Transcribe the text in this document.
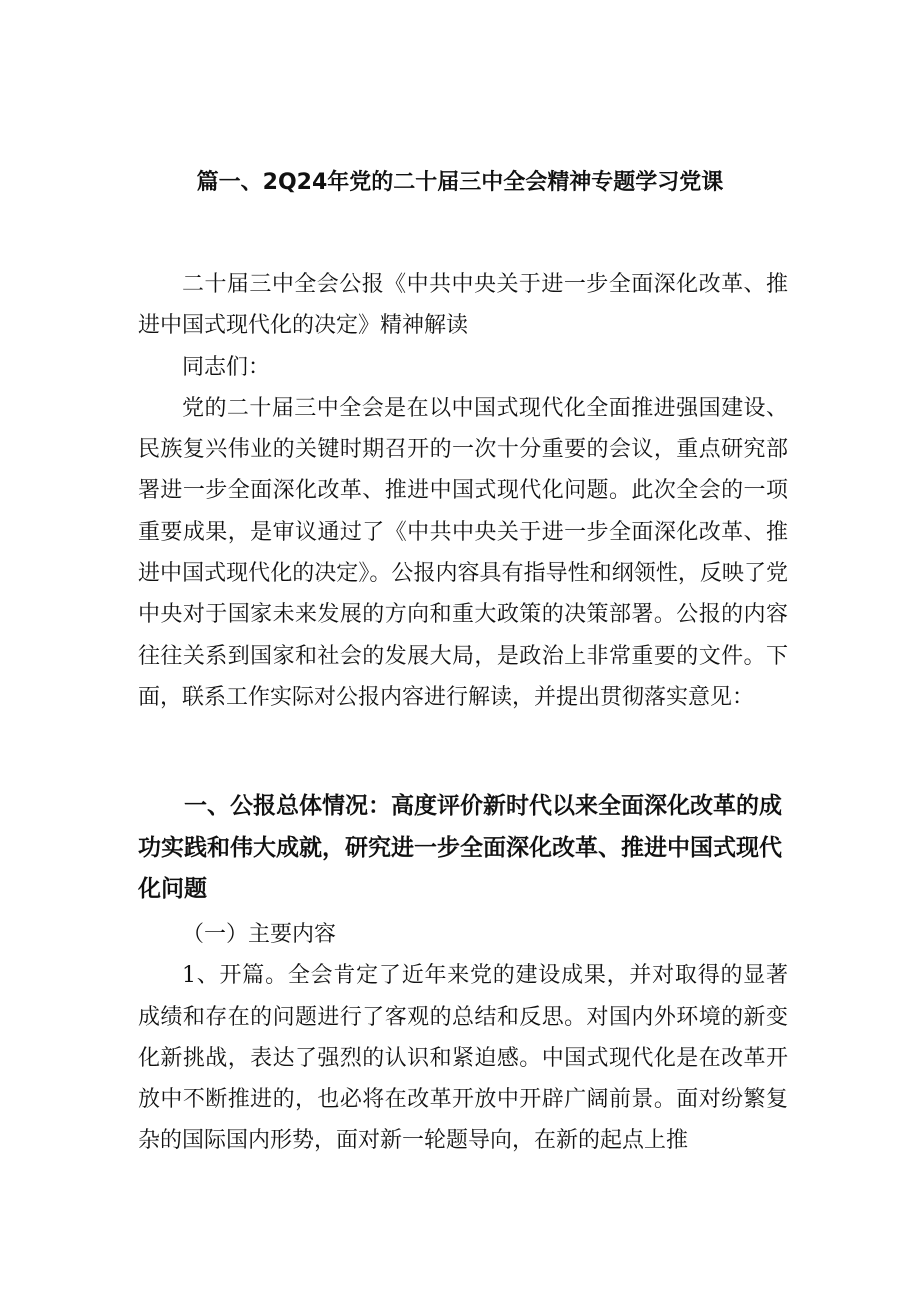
篇一、2Q24年党的二十届三中全会精神专题学习党课

二十届三中全会公报《中共中央关于进一步全面深化改革、推进中国式现代化的决定》精神解读

同志们：

党的二十届三中全会是在以中国式现代化全面推进强国建设、民族复兴伟业的关键时期召开的一次十分重要的会议，重点研究部署进一步全面深化改革、推进中国式现代化问题。此次全会的一项重要成果，是审议通过了《中共中央关于进一步全面深化改革、推进中国式现代化的决定》。公报内容具有指导性和纲领性，反映了党中央对于国家未来发展的方向和重大政策的决策部署。公报的内容往往关系到国家和社会的发展大局，是政治上非常重要的文件。下面，联系工作实际对公报内容进行解读，并提出贯彻落实意见：

一、公报总体情况：高度评价新时代以来全面深化改革的成功实践和伟大成就，研究进一步全面深化改革、推进中国式现代化问题

（一）主要内容

1、开篇。全会肯定了近年来党的建设成果，并对取得的显著成绩和存在的问题进行了客观的总结和反思。对国内外环境的新变化新挑战，表达了强烈的认识和紧迫感。中国式现代化是在改革开放中不断推进的，也必将在改革开放中开辟广阔前景。面对纷繁复杂的国际国内形势，面对新一轮题导向，在新的起点上推
